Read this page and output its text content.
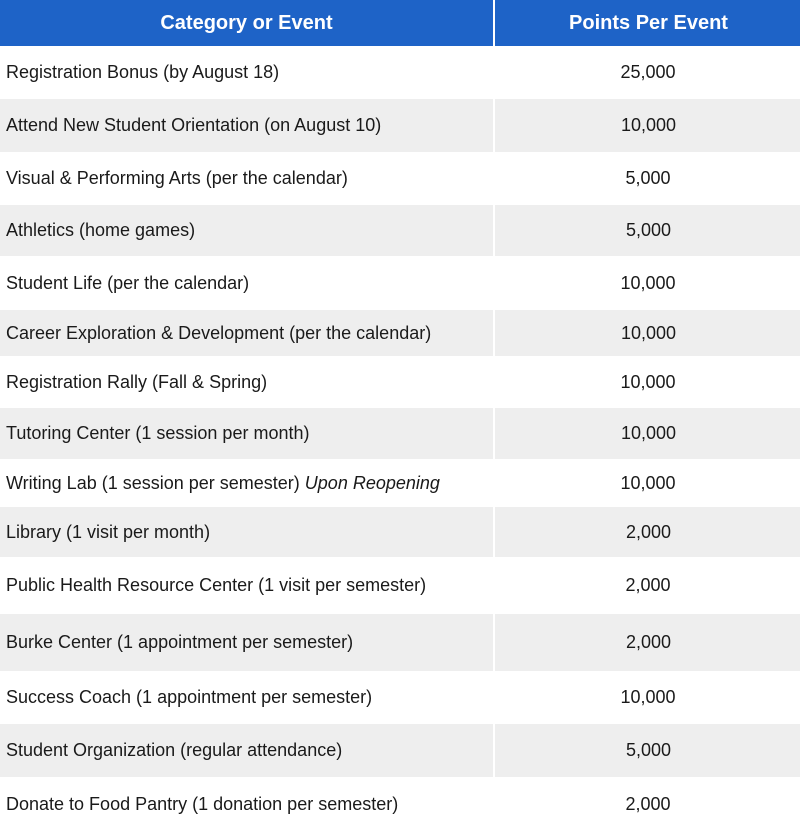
Category or Event	Points Per Event
Registration Bonus (by August 18)	25,000
Attend New Student Orientation (on August 10)	10,000
Visual & Performing Arts (per the calendar)	5,000
Athletics (home games)	5,000
Student Life (per the calendar)	10,000
Career Exploration & Development (per the calendar)	10,000
Registration Rally (Fall & Spring)	10,000
Tutoring Center (1 session per month)	10,000
Writing Lab (1 session per semester) Upon Reopening	10,000
Library (1 visit per month)	2,000
Public Health Resource Center (1 visit per semester)	2,000
Burke Center (1 appointment per semester)	2,000
Success Coach (1 appointment per semester)	10,000
Student Organization (regular attendance)	5,000
Donate to Food Pantry (1 donation per semester)	2,000
